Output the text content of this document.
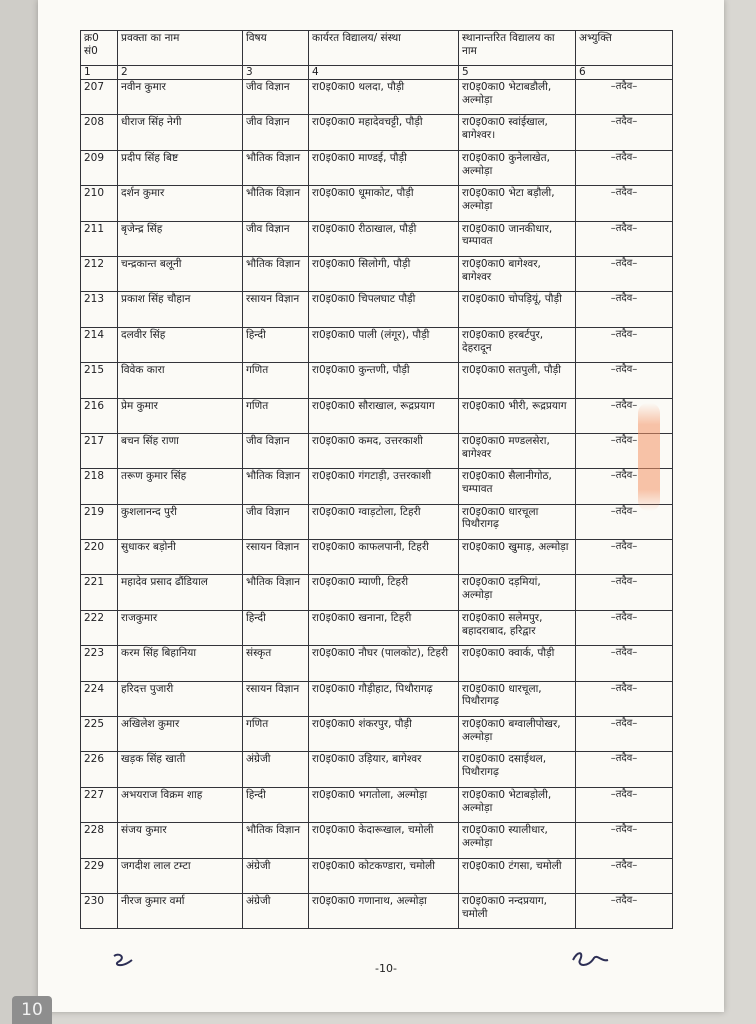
क्र0 सं0	प्रवक्ता का नाम	विषय	कार्यरत विद्यालय/ संस्था	स्थानान्तरित विद्यालय का नाम	अभ्युक्ति
1	2	3	4	5	6
207	नवीन कुमार	जीव विज्ञान	रा0इ0का0 थलदा, पौड़ी	रा0इ0का0 भेटाबडौली, अल्मोड़ा	–तदैव–
208	धीराज सिंह नेगी	जीव विज्ञान	रा0इ0का0 महादेवचट्टी, पौड़ी	रा0इ0का0 स्वांईखाल, बागेश्वर।	–तदैव–
209	प्रदीप सिंह बिष्ट	भौतिक विज्ञान	रा0इ0का0 माण्डई, पौड़ी	रा0इ0का0 कुनेलाखेत, अल्मोड़ा	–तदैव–
210	दर्शन कुमार	भौतिक विज्ञान	रा0इ0का0 धूमाकोट, पौड़ी	रा0इ0का0 भेटा बड़ौली, अल्मोड़ा	–तदैव–
211	बृजेन्द्र सिंह	जीव विज्ञान	रा0इ0का0 रीठाखाल, पौड़ी	रा0इ0का0 जानकीधार, चम्पावत	–तदैव–
212	चन्द्रकान्त बलूनी	भौतिक विज्ञान	रा0इ0का0 सिलोगी, पौड़ी	रा0इ0का0 बागेश्वर, बागेश्वर	–तदैव–
213	प्रकाश सिंह चौहान	रसायन विज्ञान	रा0इ0का0 चिपलघाट पौड़ी	रा0इ0का0 चोपड़ियूं, पौड़ी	–तदैव–
214	दलवीर सिंह	हिन्दी	रा0इ0का0 पाली (लंगूर), पौड़ी	रा0इ0का0 हरबर्टपुर, देहरादून	–तदैव–
215	विवेक कारा	गणित	रा0इ0का0 कुन्तणी, पौड़ी	रा0इ0का0 सतपुली, पौड़ी	–तदैव–
216	प्रेम कुमार	गणित	रा0इ0का0 सौराखाल, रूद्रप्रयाग	रा0इ0का0 भीरी, रूद्रप्रयाग	–तदैव–
217	बचन सिंह राणा	जीव विज्ञान	रा0इ0का0 कमद, उत्तरकाशी	रा0इ0का0 मण्डलसेरा, बागेश्वर	–तदैव–
218	तरूण कुमार सिंह	भौतिक विज्ञान	रा0इ0का0 गंगटाड़ी, उत्तरकाशी	रा0इ0का0 सैलानीगोठ, चम्पावत	–तदैव–
219	कुशलानन्द पुरी	जीव विज्ञान	रा0इ0का0 ग्वाड़टोला, टिहरी	रा0इ0का0 धारचूला पिथौरागढ़	–तदैव–
220	सुधाकर बड़ोनी	रसायन विज्ञान	रा0इ0का0 काफलपानी, टिहरी	रा0इ0का0 खुमाड़, अल्मोड़ा	–तदैव–
221	महादेव प्रसाद ढौंडियाल	भौतिक विज्ञान	रा0इ0का0 म्याणी, टिहरी	रा0इ0का0 दड़मियां, अल्मोड़ा	–तदैव–
222	राजकुमार	हिन्दी	रा0इ0का0 खनाना, टिहरी	रा0इ0का0 सलेमपुर, बहादराबाद, हरिद्वार	–तदैव–
223	करम सिंह बिहानिया	संस्कृत	रा0इ0का0 नौघर (पालकोट), टिहरी	रा0इ0का0 क्वार्क, पौड़ी	–तदैव–
224	हरिदत्त पुजारी	रसायन विज्ञान	रा0इ0का0 गौड़ीहाट, पिथौरागढ़	रा0इ0का0 धारचूला, पिथौरागढ़	–तदैव–
225	अखिलेश कुमार	गणित	रा0इ0का0 शंकरपुर, पौड़ी	रा0इ0का0 बग्वालीपोखर, अल्मोड़ा	–तदैव–
226	खड़क सिंह खाती	अंग्रेजी	रा0इ0का0 उड़ियार, बागेश्वर	रा0इ0का0 दसाईथल, पिथौरागढ़	–तदैव–
227	अभयराज विक्रम शाह	हिन्दी	रा0इ0का0 भगतोला, अल्मोड़ा	रा0इ0का0 भेटाबड़ोली, अल्मोड़ा	–तदैव–
228	संजय कुमार	भौतिक विज्ञान	रा0इ0का0 केदारूखाल, चमोली	रा0इ0का0 स्यालीधार, अल्मोड़ा	–तदैव–
229	जगदीश लाल टम्टा	अंग्रेजी	रा0इ0का0 कोटकण्डारा, चमोली	रा0इ0का0 टंगसा, चमोली	–तदैव–
230	नीरज कुमार वर्मा	अंग्रेजी	रा0इ0का0 गणानाथ, अल्मोड़ा	रा0इ0का0 नन्दप्रयाग, चमोली	–तदैव–
-10-
10
